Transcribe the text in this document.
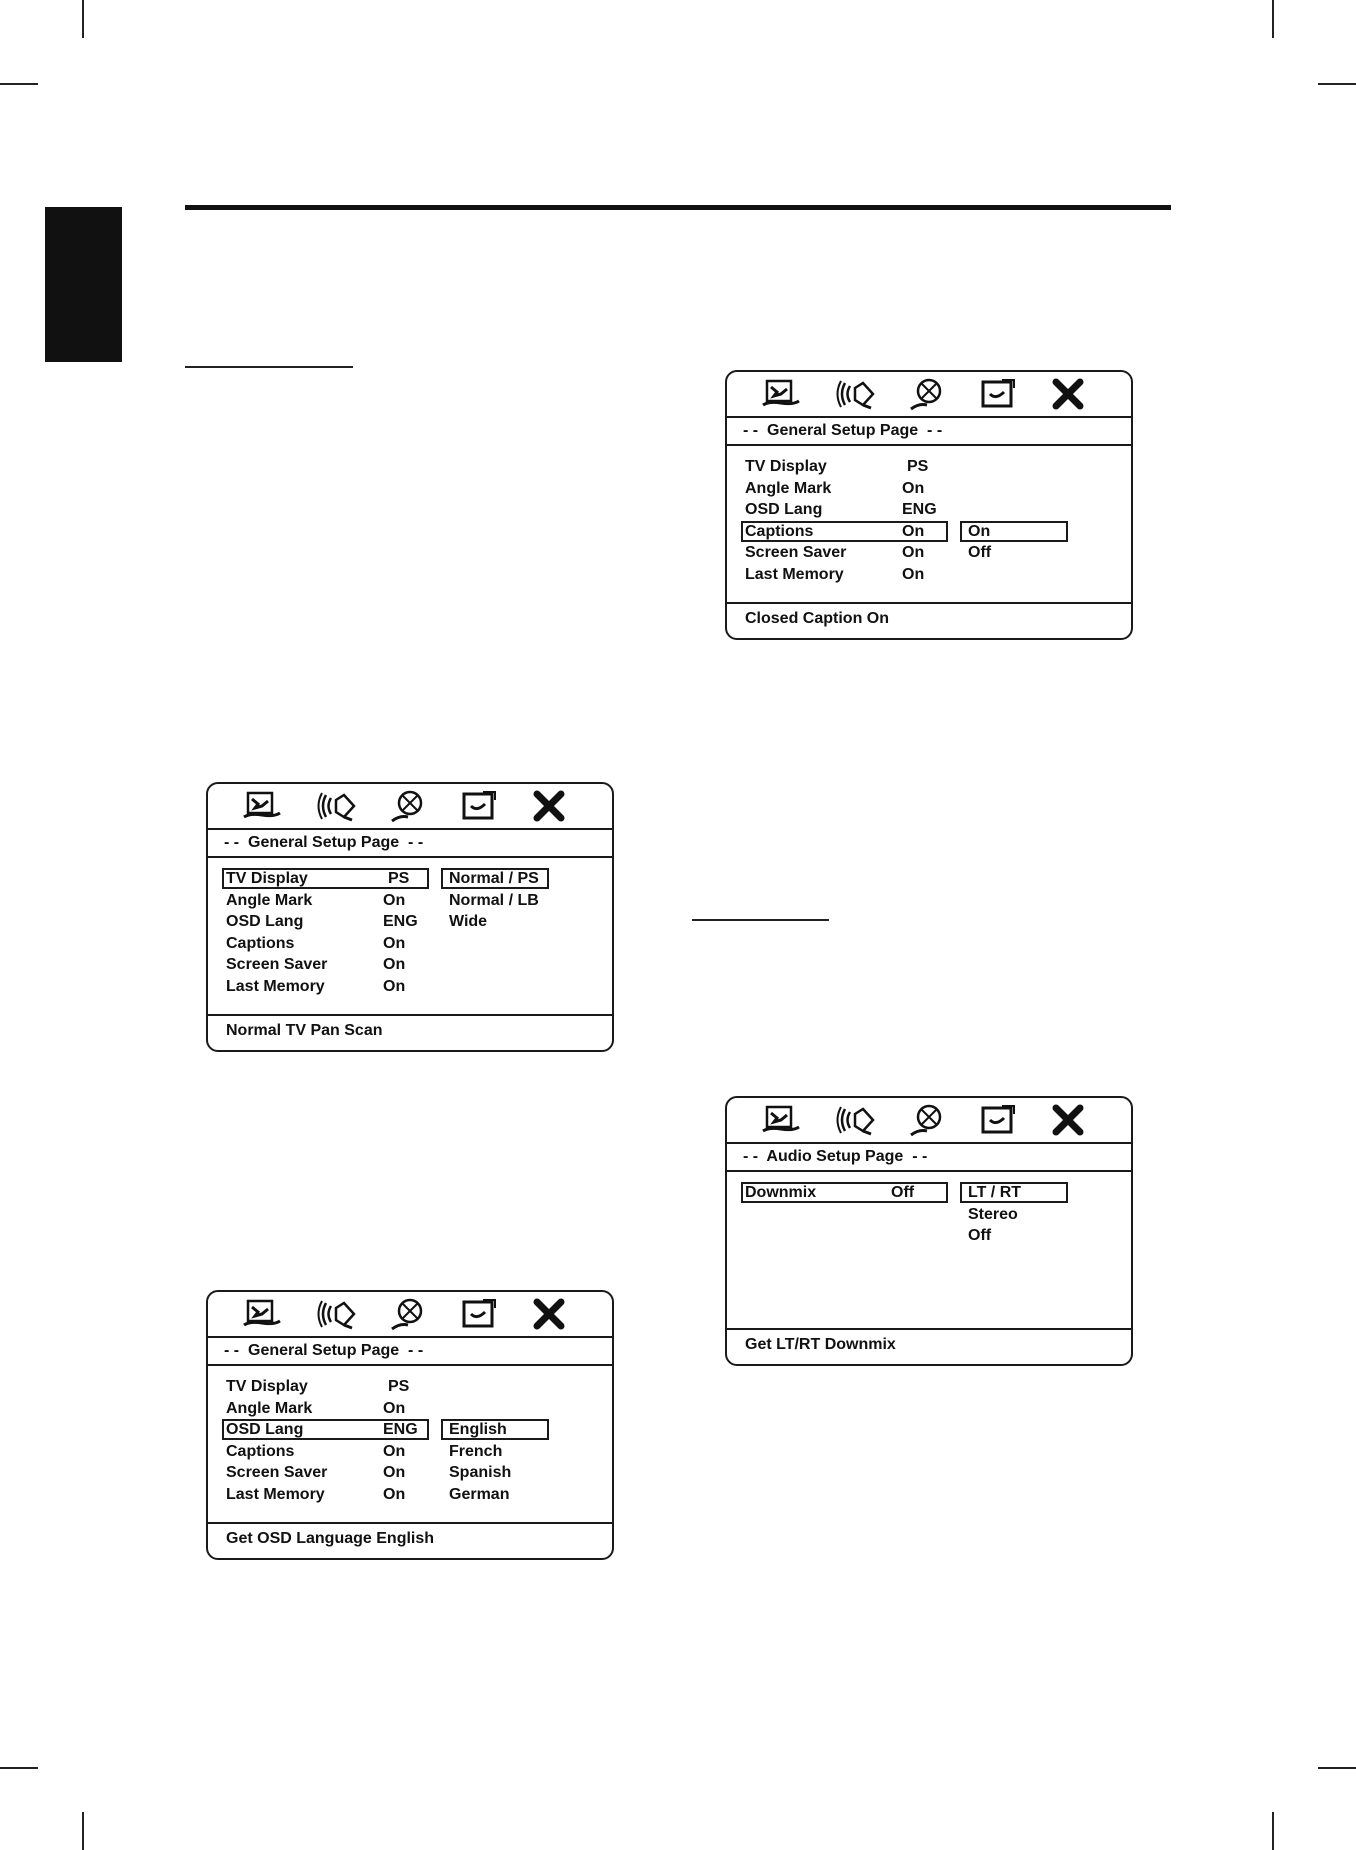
- -  General Setup Page  - -
TV Display	PS Normal / PS
Angle Mark	On	Normal / LB
OSD Lang	ENG Wide
Captions	On
Screen Saver	On
Last Memory	On
Normal TV Pan Scan
- -  General Setup Page  - -
TV Display	PS
Angle Mark	On
OSD Lang	ENG English
Captions	On	French
Screen Saver	On	Spanish
Last Memory	On	German
Get OSD Language English
- -  General Setup Page  - -
TV Display	PS
Angle Mark	On
OSD Lang	ENG
Captions	On	On
Screen Saver	On	Off
Last Memory	On
Closed Caption On
- -  Audio Setup Page  - -
Downmix	Off	LT / RT
Stereo
Off
Get LT/RT Downmix
